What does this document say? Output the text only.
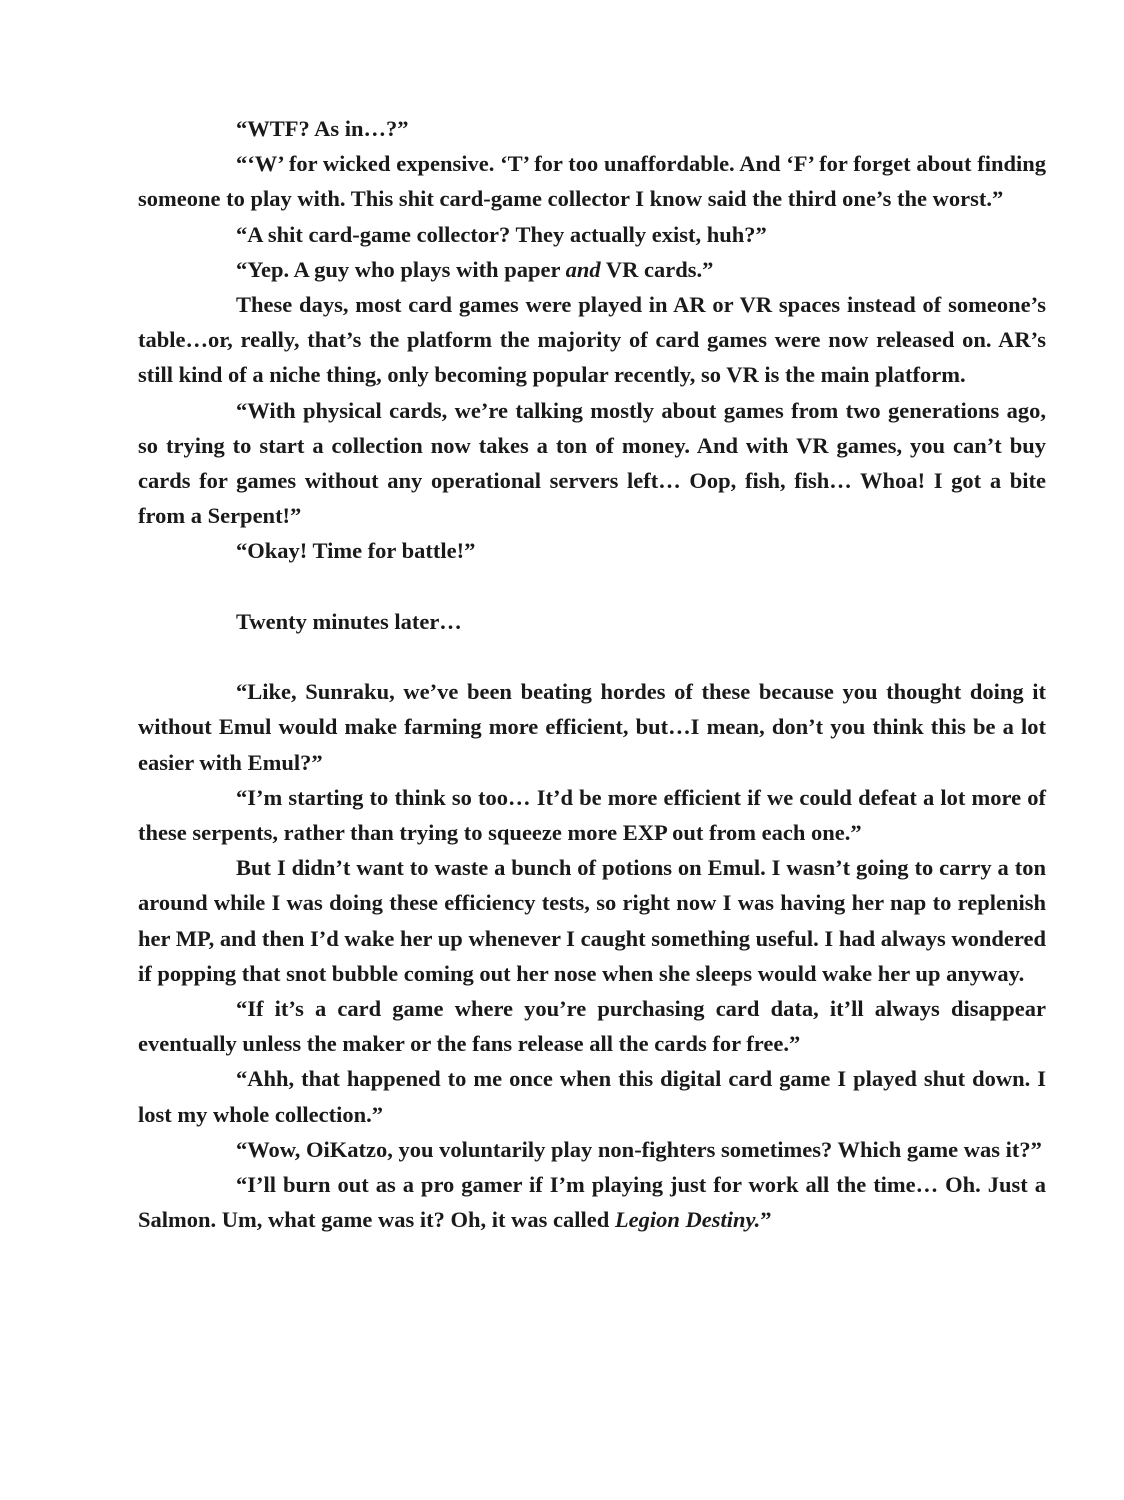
“WTF? As in…?”

“‘W’ for wicked expensive. ‘T’ for too unaffordable. And ‘F’ for forget about finding someone to play with. This shit card-game collector I know said the third one’s the worst.”

“A shit card-game collector? They actually exist, huh?”

“Yep. A guy who plays with paper and VR cards.”

These days, most card games were played in AR or VR spaces instead of someone’s table…or, really, that’s the platform the majority of card games were now released on. AR’s still kind of a niche thing, only becoming popular recently, so VR is the main platform.

“With physical cards, we’re talking mostly about games from two generations ago, so trying to start a collection now takes a ton of money. And with VR games, you can’t buy cards for games without any operational servers left… Oop, fish, fish… Whoa! I got a bite from a Serpent!”

“Okay! Time for battle!”

Twenty minutes later…

“Like, Sunraku, we’ve been beating hordes of these because you thought doing it without Emul would make farming more efficient, but…I mean, don’t you think this be a lot easier with Emul?”

“I’m starting to think so too… It’d be more efficient if we could defeat a lot more of these serpents, rather than trying to squeeze more EXP out from each one.”

But I didn’t want to waste a bunch of potions on Emul. I wasn’t going to carry a ton around while I was doing these efficiency tests, so right now I was having her nap to replenish her MP, and then I’d wake her up whenever I caught something useful. I had always wondered if popping that snot bubble coming out her nose when she sleeps would wake her up anyway.

“If it’s a card game where you’re purchasing card data, it’ll always disappear eventually unless the maker or the fans release all the cards for free.”

“Ahh, that happened to me once when this digital card game I played shut down. I lost my whole collection.”

“Wow, OiKatzo, you voluntarily play non-fighters sometimes? Which game was it?”

“I’ll burn out as a pro gamer if I’m playing just for work all the time… Oh. Just a Salmon. Um, what game was it? Oh, it was called Legion Destiny.”
